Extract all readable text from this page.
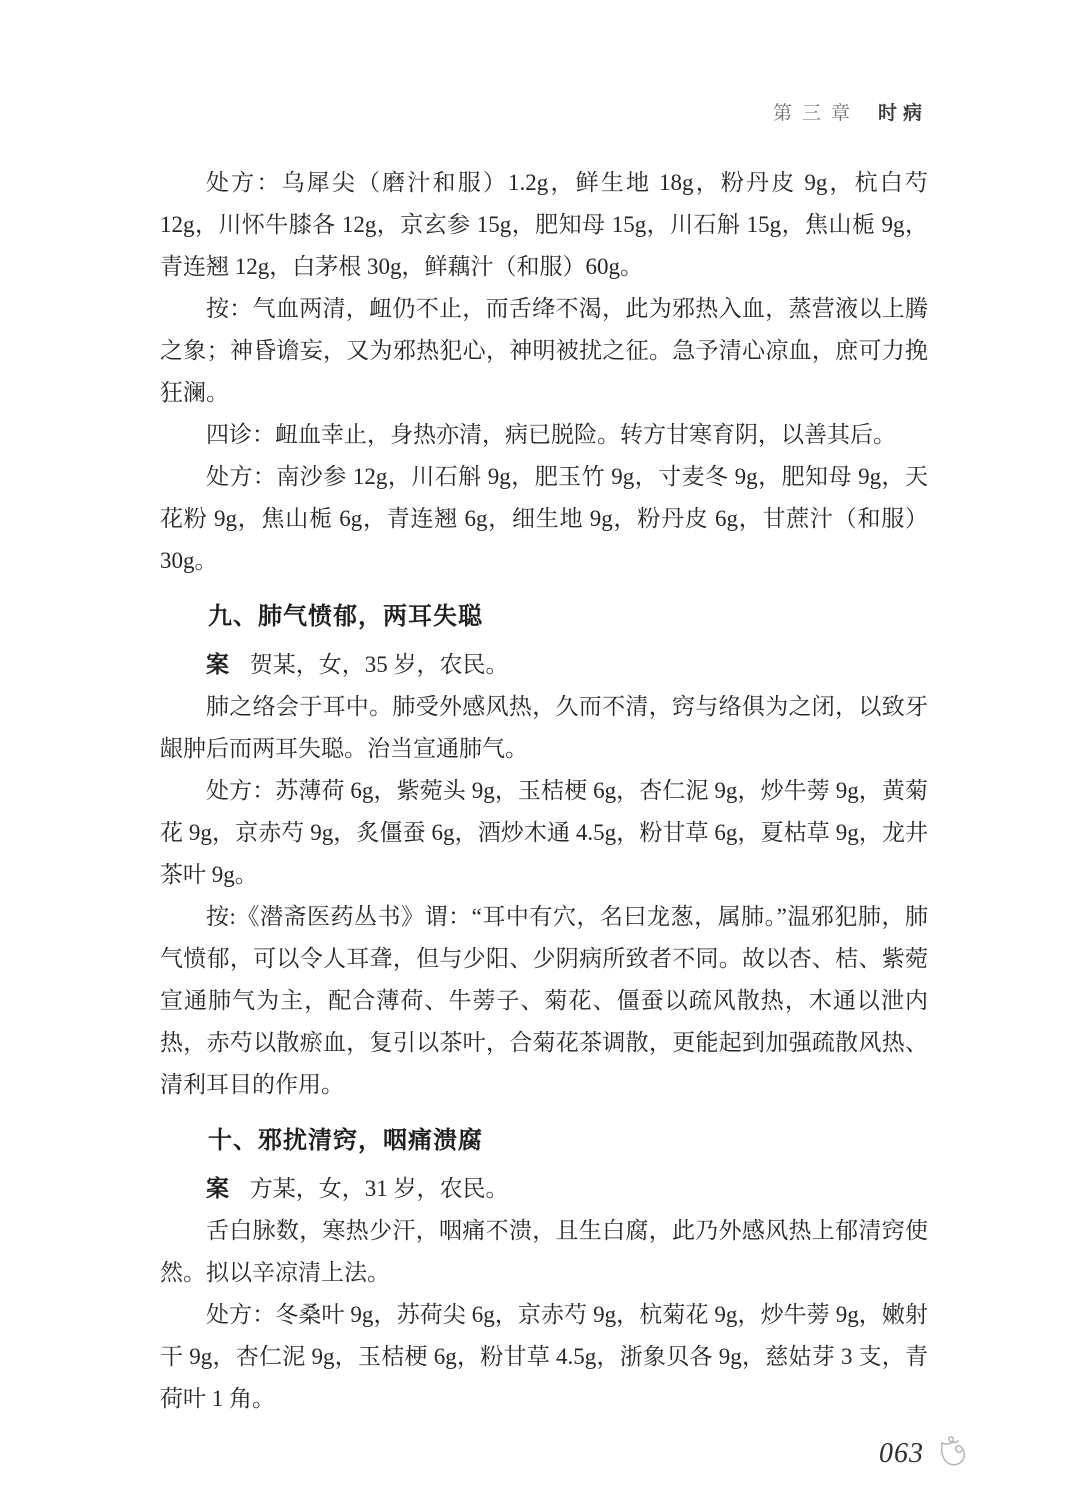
第三章 时病
处方：乌犀尖（磨汁和服）1.2g，鲜生地 18g，粉丹皮 9g，杭白芍 12g，川怀牛膝各 12g，京玄参 15g，肥知母 15g，川石斛 15g，焦山栀 9g，青连翘 12g，白茅根 30g，鲜藕汁（和服）60g。
按：气血两清，衄仍不止，而舌绛不渴，此为邪热入血，蒸营液以上腾之象；神昏谵妄，又为邪热犯心，神明被扰之征。急予清心凉血，庶可力挽狂澜。
四诊：衄血幸止，身热亦清，病已脱险。转方甘寒育阴，以善其后。
处方：南沙参 12g，川石斛 9g，肥玉竹 9g，寸麦冬 9g，肥知母 9g，天花粉 9g，焦山栀 6g，青连翘 6g，细生地 9g，粉丹皮 6g，甘蔗汁（和服）30g。
九、肺气愤郁，两耳失聪
案 贺某，女，35 岁，农民。
肺之络会于耳中。肺受外感风热，久而不清，窍与络俱为之闭，以致牙龈肿后而两耳失聪。治当宣通肺气。
处方：苏薄荷 6g，紫菀头 9g，玉桔梗 6g，杏仁泥 9g，炒牛蒡 9g，黄菊花 9g，京赤芍 9g，炙僵蚕 6g，酒炒木通 4.5g，粉甘草 6g，夏枯草 9g，龙井茶叶 9g。
按:《潜斋医药丛书》谓：“耳中有穴，名曰龙葱，属肺。”温邪犯肺，肺气愤郁，可以令人耳聋，但与少阳、少阴病所致者不同。故以杏、桔、紫菀宣通肺气为主，配合薄荷、牛蒡子、菊花、僵蚕以疏风散热，木通以泄内热，赤芍以散瘀血，复引以茶叶，合菊花茶调散，更能起到加强疏散风热、清利耳目的作用。
十、邪扰清窍，咽痛溃腐
案 方某，女，31 岁，农民。
舌白脉数，寒热少汗，咽痛不溃，且生白腐，此乃外感风热上郁清窍使然。拟以辛凉清上法。
处方：冬桑叶 9g，苏荷尖 6g，京赤芍 9g，杭菊花 9g，炒牛蒡 9g，嫩射干 9g，杏仁泥 9g，玉桔梗 6g，粉甘草 4.5g，浙象贝各 9g，慈姑芽 3 支，青荷叶 1 角。
063
